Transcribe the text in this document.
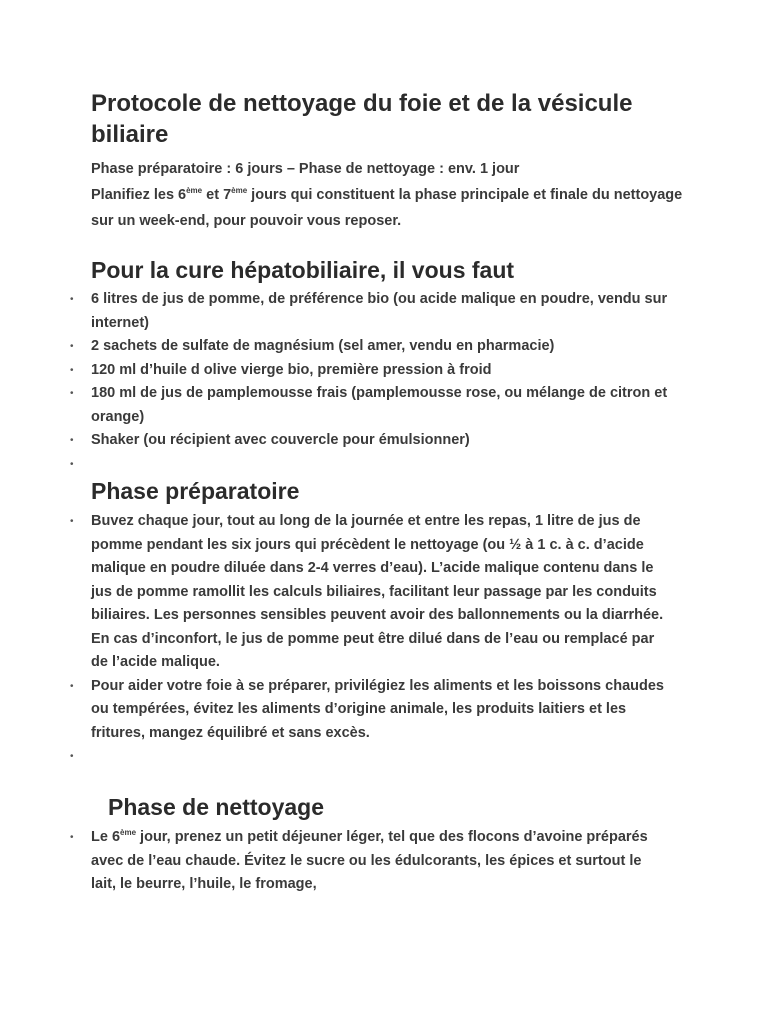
Protocole de nettoyage du foie et de la vésicule biliaire

Phase préparatoire : 6 jours – Phase de nettoyage : env. 1 jour

Planifiez les 6ème et 7ème jours qui constituent la phase principale et finale du nettoyage sur un week-end, pour pouvoir vous reposer.

Pour la cure hépatobiliaire, il vous faut
• 6 litres de jus de pomme, de préférence bio (ou acide malique en poudre, vendu sur internet)
• 2 sachets de sulfate de magnésium (sel amer, vendu en pharmacie)
• 120 ml d’huile d olive vierge bio, première pression à froid
• 180 ml de jus de pamplemousse frais (pamplemousse rose, ou mélange de citron et orange)
• Shaker (ou récipient avec couvercle pour émulsionner)
•
Phase préparatoire
• Buvez chaque jour, tout au long de la journée et entre les repas, 1 litre de jus de pomme pendant les six jours qui précèdent le nettoyage (ou ½ à 1 c. à c. d’acide malique en poudre diluée dans 2-4 verres d’eau). L’acide malique contenu dans le jus de pomme ramollit les calculs biliaires, facilitant leur passage par les conduits biliaires. Les personnes sensibles peuvent avoir des ballonnements ou la diarrhée. En cas d’inconfort, le jus de pomme peut être dilué dans de l’eau ou remplacé par de l’acide malique.
• Pour aider votre foie à se préparer, privilégiez les aliments et les boissons chaudes ou tempérées, évitez les aliments d’origine animale, les produits laitiers et les fritures, mangez équilibré et sans excès.
•
Phase de nettoyage
• Le 6ème jour, prenez un petit déjeuner léger, tel que des flocons d’avoine préparés avec de l’eau chaude. Évitez le sucre ou les édulcorants, les épices et surtout le lait, le beurre, l’huile, le fromage,
